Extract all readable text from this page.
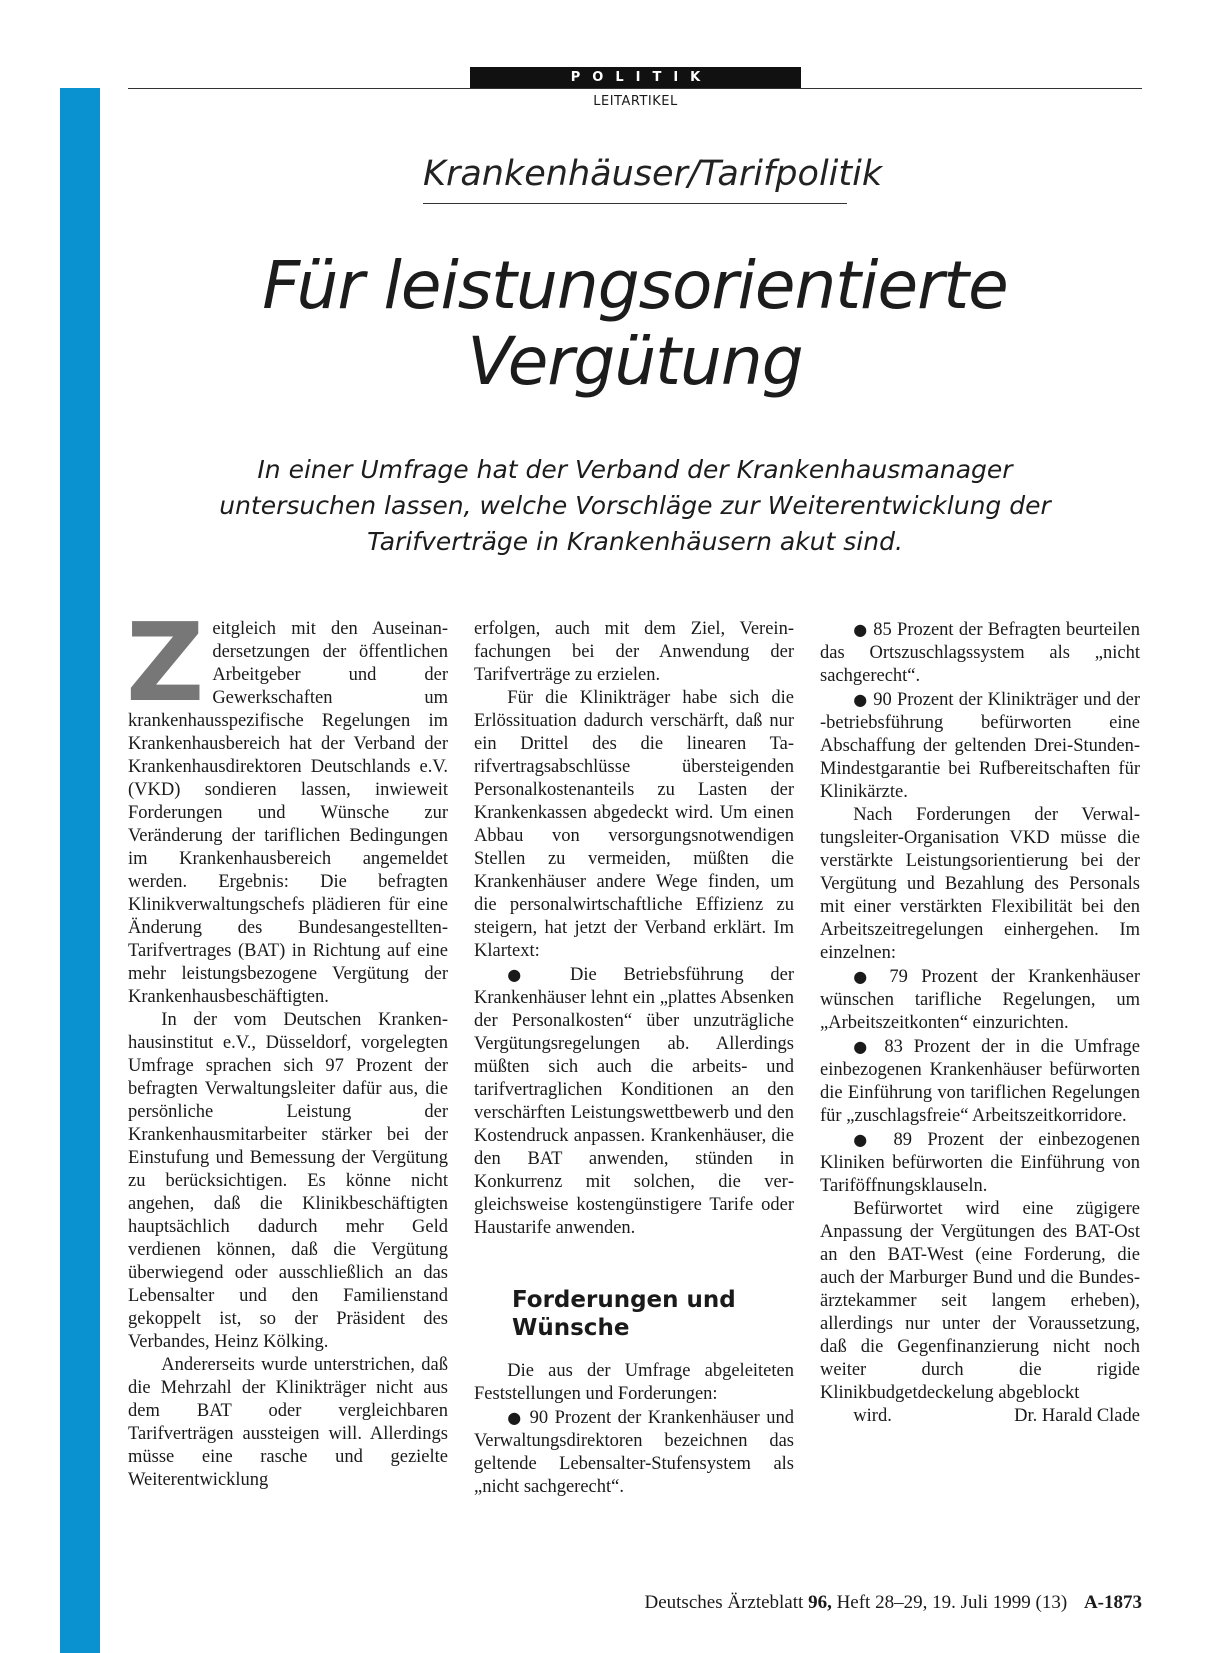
POLITIK
LEITARTIKEL
Krankenhäuser/Tarifpolitik
Für leistungsorientierte
Vergütung
In einer Umfrage hat der Verband der Krankenhausmanager
untersuchen lassen, welche Vorschläge zur Weiterentwicklung der
Tarifverträge in Krankenhäusern akut sind.

Zeitgleich mit den Auseinandersetzungen der öffentlichen Arbeitgeber und der Gewerkschaften um krankenhausspezifische Regelungen im Krankenhausbereich hat der Verband der Krankenhausdirektoren Deutschlands e.V. (VKD) sondieren lassen, inwieweit Forderungen und Wünsche zur Veränderung der tariflichen Bedingungen im Krankenhausbereich angemeldet werden. Ergebnis: Die befragten Klinikverwaltungschefs plädieren für eine Änderung des Bundesangestellten-Tarifvertrages (BAT) in Richtung auf eine mehr leistungsbezogene Vergütung der Krankenhausbeschäftigten.

In der vom Deutschen Krankenhausinstitut e.V., Düsseldorf, vorgelegten Umfrage sprachen sich 97 Prozent der befragten Verwaltungsleiter dafür aus, die persönliche Leistung der Krankenhausmitarbeiter stärker bei der Einstufung und Bemessung der Vergütung zu berücksichtigen. Es könne nicht angehen, daß die Klinikbeschäftigten hauptsächlich dadurch mehr Geld verdienen können, daß die Vergütung überwiegend oder ausschließlich an das Lebensalter und den Familienstand gekoppelt ist, so der Präsident des Verbandes, Heinz Kölking.

Andererseits wurde unterstrichen, daß die Mehrzahl der Klinikträger nicht aus dem BAT oder vergleichbaren Tarifverträgen aussteigen will. Allerdings müsse eine rasche und gezielte Weiterentwicklung

erfolgen, auch mit dem Ziel, Vereinfachungen bei der Anwendung der Tarifverträge zu erzielen.

Für die Klinikträger habe sich die Erlössituation dadurch verschärft, daß nur ein Drittel des die linearen Tarifvertragsabschlüsse übersteigenden Personalkostenanteils zu Lasten der Krankenkassen abgedeckt wird. Um einen Abbau von versorgungsnotwendigen Stellen zu vermeiden, müßten die Krankenhäuser andere Wege finden, um die personalwirtschaftliche Effizienz zu steigern, hat jetzt der Verband erklärt. Im Klartext:

● Die Betriebsführung der Krankenhäuser lehnt ein „plattes Absenken der Personalkosten“ über unzuträgliche Vergütungsregelungen ab. Allerdings müßten sich auch die arbeits- und tarifvertraglichen Konditionen an den verschärften Leistungswettbewerb und den Kostendruck anpassen. Krankenhäuser, die den BAT anwenden, stünden in Konkurrenz mit solchen, die vergleichsweise kostengünstigere Tarife oder Haustarife anwenden.

Forderungen und Wünsche

Die aus der Umfrage abgeleiteten Feststellungen und Forderungen:

● 90 Prozent der Krankenhäuser und Verwaltungsdirektoren bezeichnen das geltende Lebensalter-Stufensystem als „nicht sachgerecht“.

● 85 Prozent der Befragten beurteilen das Ortszuschlagssystem als „nicht sachgerecht“.

● 90 Prozent der Klinikträger und der -betriebsführung befürworten eine Abschaffung der geltenden Drei-Stunden-Mindestgarantie bei Rufbereitschaften für Klinikärzte.

Nach Forderungen der Verwaltungsleiter-Organisation VKD müsse die verstärkte Leistungsorientierung bei der Vergütung und Bezahlung des Personals mit einer verstärkten Flexibilität bei den Arbeitszeitregelungen einhergehen. Im einzelnen:

● 79 Prozent der Krankenhäuser wünschen tarifliche Regelungen, um „Arbeitszeitkonten“ einzurichten.

● 83 Prozent der in die Umfrage einbezogenen Krankenhäuser befürworten die Einführung von tariflichen Regelungen für „zuschlagsfreie“ Arbeitszeitkorridore.

● 89 Prozent der einbezogenen Kliniken befürworten die Einführung von Tariföffnungsklauseln.

Befürwortet wird eine zügigere Anpassung der Vergütungen des BAT-Ost an den BAT-West (eine Forderung, die auch der Marburger Bund und die Bundesärztekammer seit langem erheben), allerdings nur unter der Voraussetzung, daß die Gegenfinanzierung nicht noch weiter durch die rigide Klinikbudgetdeckelung abgeblockt

wird.	Dr. Harald Clade

Deutsches Ärzteblatt 96, Heft 28–29, 19. Juli 1999 (13) A-1873
